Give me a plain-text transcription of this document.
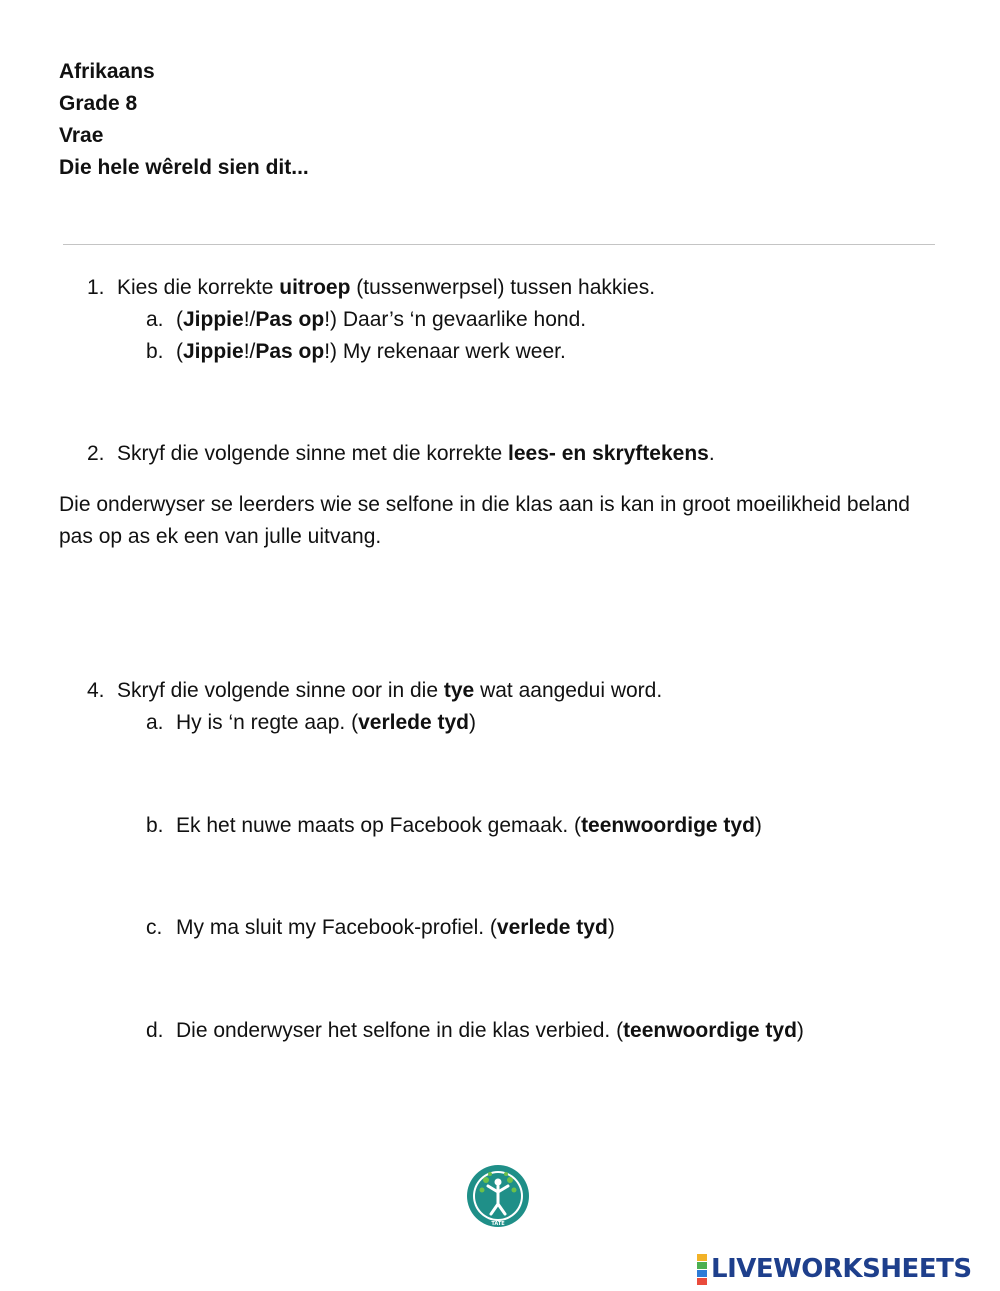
Afrikaans
Grade 8
Vrae
Die hele wêreld sien dit...
1. Kies die korrekte uitroep (tussenwerpsel) tussen hakkies.
a. (Jippie!/Pas op!) Daar’s ‘n gevaarlike hond.
b. (Jippie!/Pas op!) My rekenaar werk weer.
2. Skryf die volgende sinne met die korrekte lees- en skryftekens.
Die onderwyser se leerders wie se selfone in die klas aan is kan in groot moeilikheid beland pas op as ek een van julle uitvang.
4. Skryf die volgende sinne oor in die tye wat aangedui word.
a. Hy is ‘n regte aap. (verlede tyd)
b. Ek het nuwe maats op Facebook gemaak. (teenwoordige tyd)
c. My ma sluit my Facebook-profiel. (verlede tyd)
d. Die onderwyser het selfone in die klas verbied. (teenwoordige tyd)
TATE
LIVEWORKSHEETS
